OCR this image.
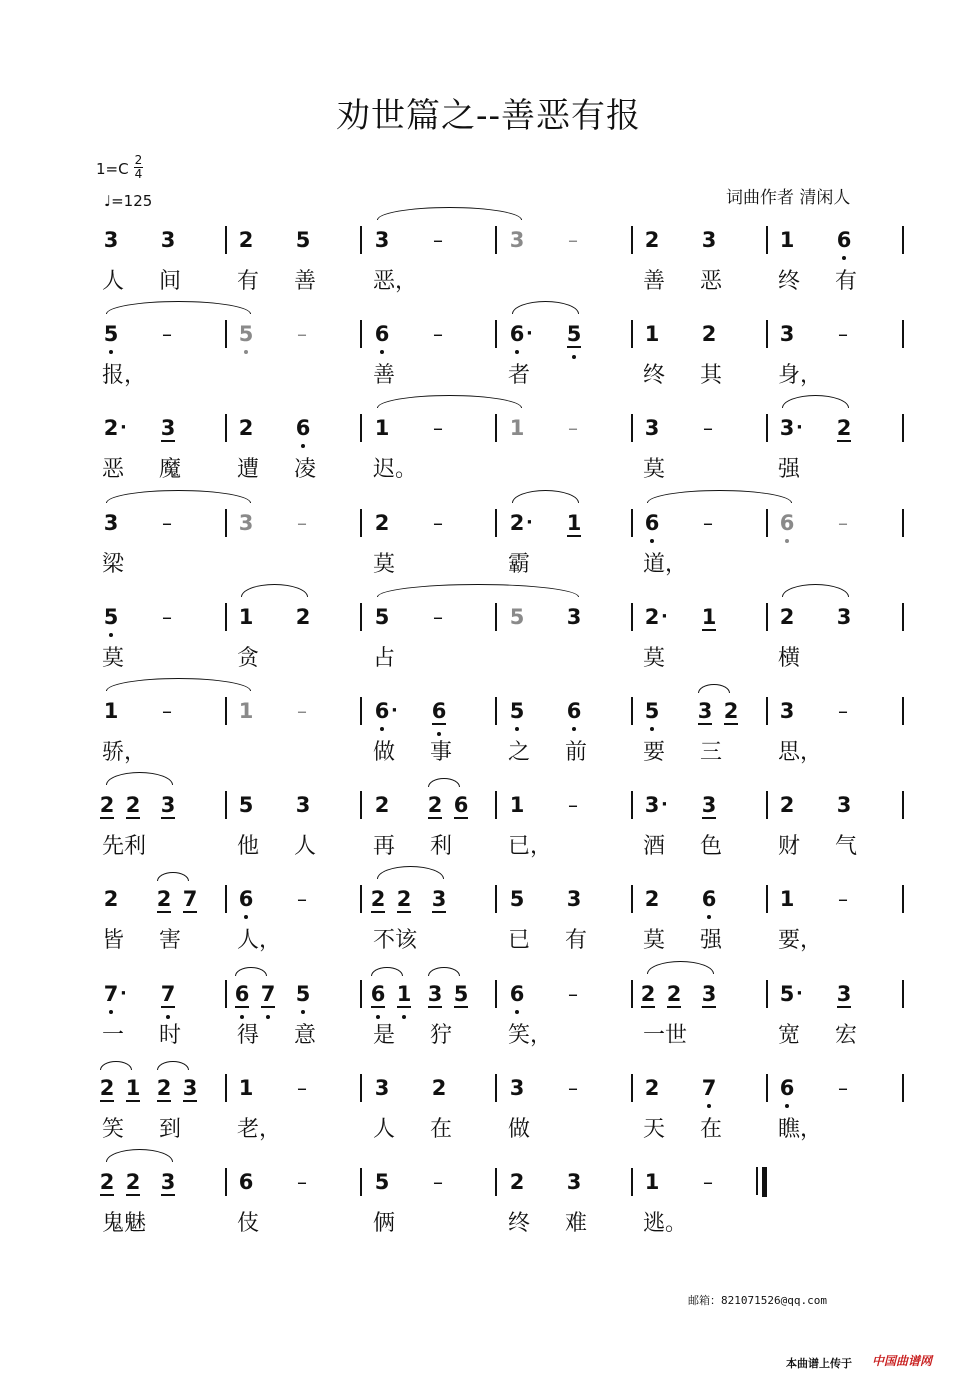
劝世篇之--善恶有报
1=C 2
4
♩=125	词曲作者 清闲人
3 3	2 5	3 –	3 –	2 3	1 6
人 间	有 善	恶，	善 恶	终 有
5 –	5 –	6 –	6 · 5	1 2	3 –
报，	善	者	终 其	身，
2 · 3	2 6	1 –	1 –	3 –	3 · 2
恶 魔	遭 凌	迟。	莫	强
3 –	3 –	2 –	2 · 1	6 –	6 –
梁	莫	霸	道，
5 –	1 2	5 –	5 3	2 · 1	2 3
莫	贪	占	莫	横
1 –	1 –	6 · 6	5 6	5 3 2 3 –
骄，	做 事	之 前	要 三	思，
2 2 3	5 3	2 2 6 1 –	3 · 3	2 3
先利	他 人	再 利	已，	酒 色	财 气
2 2 7 6 –	2 2 3	5 3	2 6	1 –
皆 害	人，	不该	已 有	莫 强	要，
7 · 7	6 7 5	6 1 3 5 6 –	2 2 3	5 · 3
一 时	得 意	是 狞	笑，	一世	宽 宏
2 1 2 3 1 –	3 2	3 –	2 7	6 –
笑 到	老，	人 在	做	天 在	瞧，
2 2 3	6 –	5 –	2 3	1 –
鬼魅	伎	俩	终 难	逃。
邮箱：821071526@qq.com
本曲谱上传于 中国曲谱网
